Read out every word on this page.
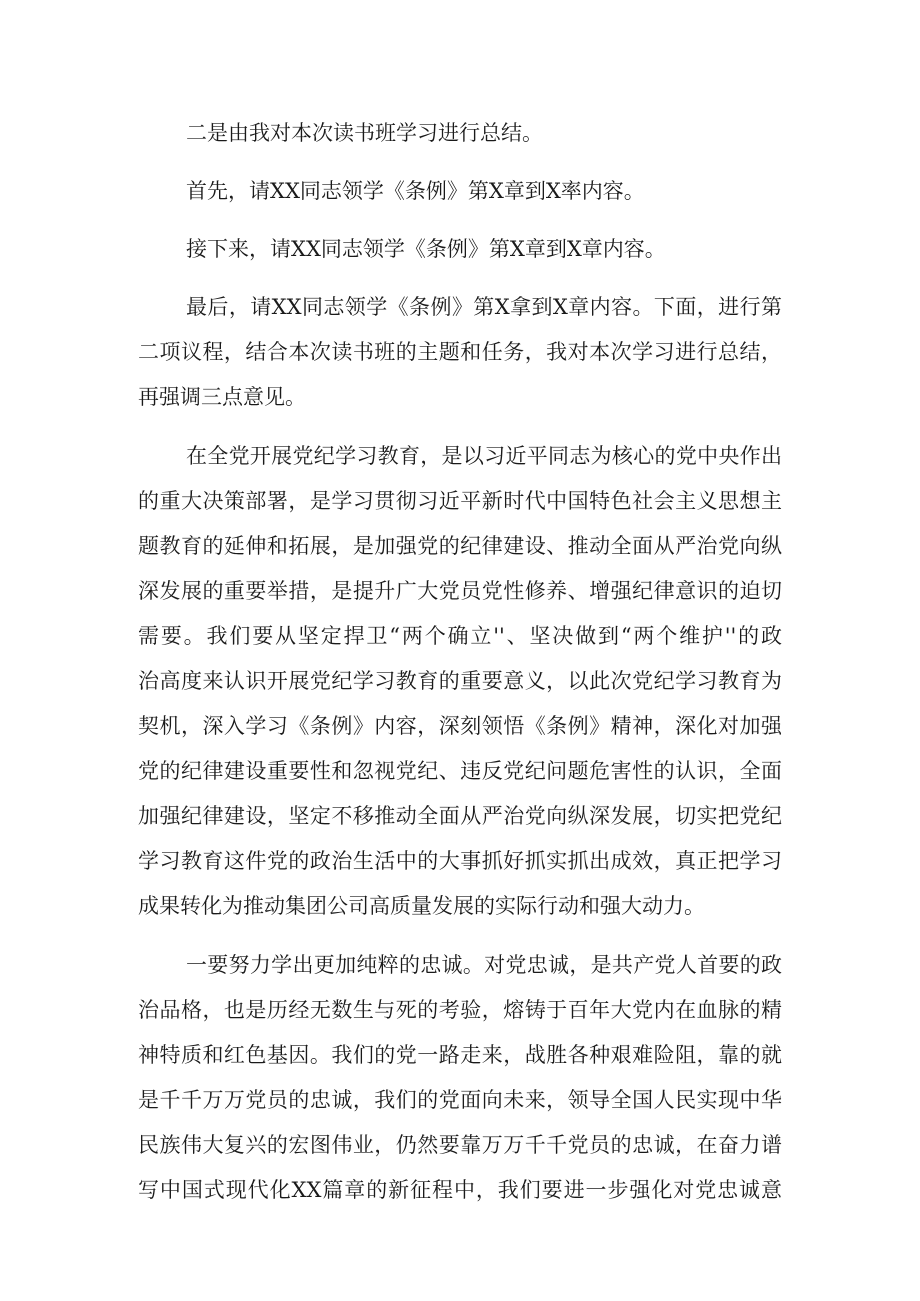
二是由我对本次读书班学习进行总结。
首先，请XX同志领学《条例》第X章到X率内容。
接下来，请XX同志领学《条例》第X章到X章内容。
最后，请XX同志领学《条例》第X拿到X章内容。下面，进行第
二项议程，结合本次读书班的主题和任务，我对本次学习进行总结，
再强调三点意见。
在全党开展党纪学习教育，是以习近平同志为核心的党中央作出
的重大决策部署，是学习贯彻习近平新时代中国特色社会主义思想主
题教育的延伸和拓展，是加强党的纪律建设、推动全面从严治党向纵
深发展的重要举措，是提升广大党员党性修养、增强纪律意识的迫切
需要。我们要从坚定捍卫“两个确立''、坚决做到“两个维护''的政
治高度来认识开展党纪学习教育的重要意义，以此次党纪学习教育为
契机，深入学习《条例》内容，深刻领悟《条例》精神，深化对加强
党的纪律建设重要性和忽视党纪、违反党纪问题危害性的认识，全面
加强纪律建设，坚定不移推动全面从严治党向纵深发展，切实把党纪
学习教育这件党的政治生活中的大事抓好抓实抓出成效，真正把学习
成果转化为推动集团公司高质量发展的实际行动和强大动力。
一要努力学出更加纯粹的忠诚。对党忠诚，是共产党人首要的政
治品格，也是历经无数生与死的考验，熔铸于百年大党内在血脉的精
神特质和红色基因。我们的党一路走来，战胜各种艰难险阻，靠的就
是千千万万党员的忠诚，我们的党面向未来，领导全国人民实现中华
民族伟大复兴的宏图伟业，仍然要靠万万千千党员的忠诚，在奋力谱
写中国式现代化XX篇章的新征程中，我们要进一步强化对党忠诚意
